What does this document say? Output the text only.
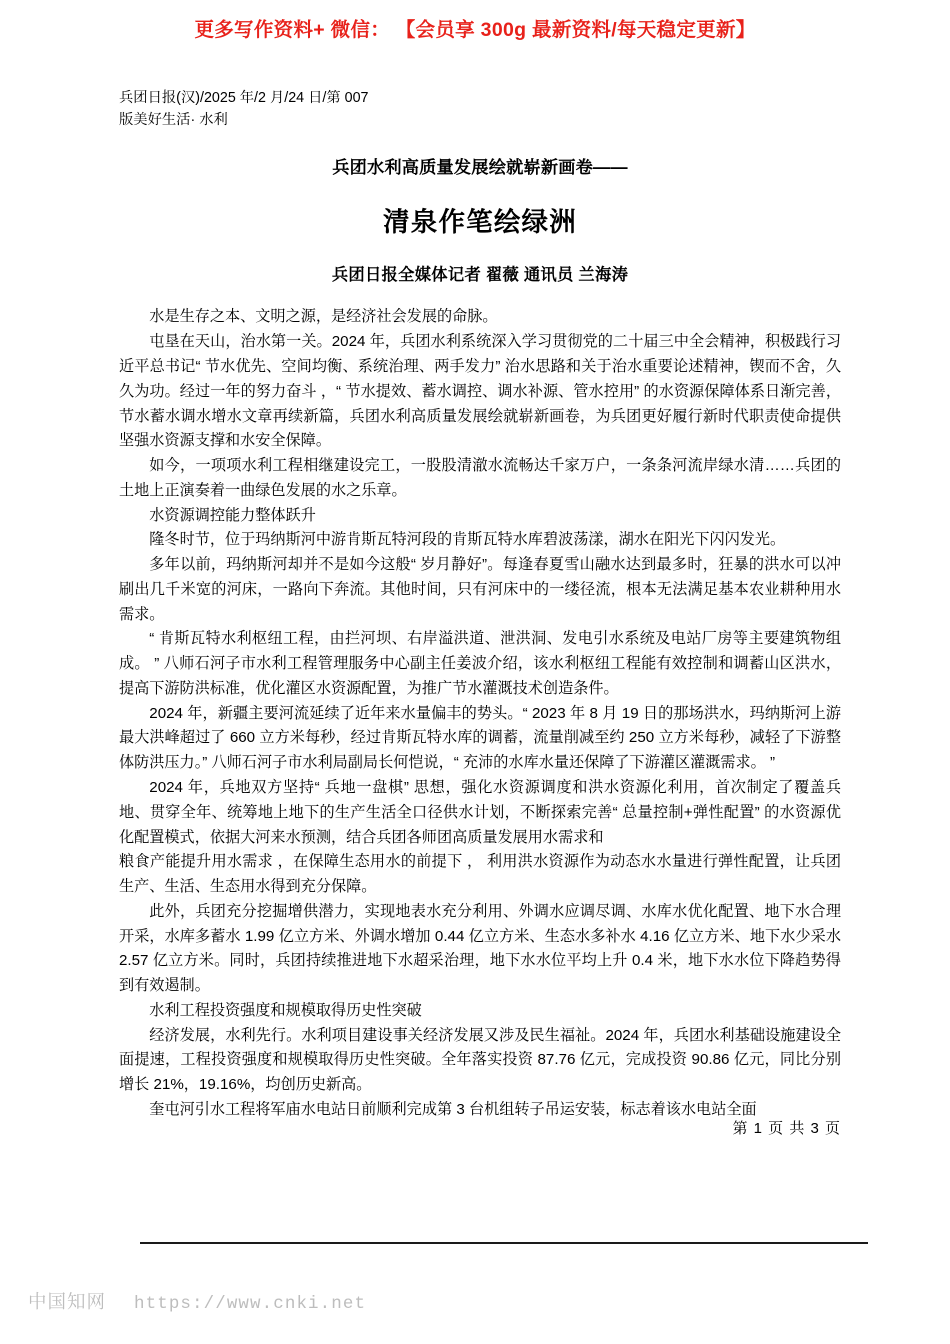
更多写作资料+ 微信： 【会员享 300g 最新资料/每天稳定更新】
兵团日报(汉)/2025 年/2 月/24 日/第 007
版美好生活· 水利
兵团水利高质量发展绘就崭新画卷——
清泉作笔绘绿洲
兵团日报全媒体记者 翟薇 通讯员 兰海涛

水是生存之本、文明之源，是经济社会发展的命脉。

屯垦在天山，治水第一关。2024 年，兵团水利系统深入学习贯彻党的二十届三中全会精神，积极践行习近平总书记“ 节水优先、空间均衡、系统治理、两手发力” 治水思路和关于治水重要论述精神，锲而不舍，久久为功。经过一年的努力奋斗 ，“ 节水提效、蓄水调控、调水补源、管水控用” 的水资源保障体系日渐完善，节水蓄水调水增水文章再续新篇，兵团水利高质量发展绘就崭新画卷，为兵团更好履行新时代职责使命提供坚强水资源支撑和水安全保障。

如今，一项项水利工程相继建设完工，一股股清澈水流畅达千家万户，一条条河流岸绿水清……兵团的土地上正演奏着一曲绿色发展的水之乐章。

水资源调控能力整体跃升

隆冬时节，位于玛纳斯河中游肯斯瓦特河段的肯斯瓦特水库碧波荡漾，湖水在阳光下闪闪发光。

多年以前，玛纳斯河却并不是如今这般“ 岁月静好”。每逢春夏雪山融水达到最多时，狂暴的洪水可以冲刷出几千米宽的河床，一路向下奔流。其他时间，只有河床中的一缕径流，根本无法满足基本农业耕种用水需求。

“ 肯斯瓦特水利枢纽工程，由拦河坝、右岸溢洪道、泄洪洞、发电引水系统及电站厂房等主要建筑物组成。 ” 八师石河子市水利工程管理服务中心副主任姜波介绍，该水利枢纽工程能有效控制和调蓄山区洪水，提高下游防洪标准，优化灌区水资源配置，为推广节水灌溉技术创造条件。

2024 年，新疆主要河流延续了近年来水量偏丰的势头。“ 2023 年 8 月 19 日的那场洪水，玛纳斯河上游最大洪峰超过了 660 立方米每秒，经过肯斯瓦特水库的调蓄，流量削减至约 250 立方米每秒，减轻了下游整体防洪压力。” 八师石河子市水利局副局长何恺说，“ 充沛的水库水量还保障了下游灌区灌溉需求。 ”

2024 年，兵地双方坚持“ 兵地一盘棋” 思想，强化水资源调度和洪水资源化利用，首次制定了覆盖兵地、贯穿全年、统筹地上地下的生产生活全口径供水计划，不断探索完善“ 总量控制+弹性配置” 的水资源优化配置模式，依据大河来水预测，结合兵团各师团高质量发展用水需求和

粮食产能提升用水需求 ，在保障生态用水的前提下 ， 利用洪水资源作为动态水水量进行弹性配置，让兵团生产、生活、生态用水得到充分保障。

此外，兵团充分挖掘增供潜力，实现地表水充分利用、外调水应调尽调、水库水优化配置、地下水合理开采，水库多蓄水 1.99 亿立方米、外调水增加 0.44 亿立方米、生态水多补水 4.16 亿立方米、地下水少采水 2.57 亿立方米。同时，兵团持续推进地下水超采治理，地下水水位平均上升 0.4 米，地下水水位下降趋势得到有效遏制。

水利工程投资强度和规模取得历史性突破

经济发展，水利先行。水利项目建设事关经济发展又涉及民生福祉。2024 年，兵团水利基础设施建设全面提速，工程投资强度和规模取得历史性突破。全年落实投资 87.76 亿元，完成投资 90.86 亿元，同比分别增长 21%，19.16%，均创历史新高。

奎屯河引水工程将军庙水电站日前顺利完成第 3 台机组转子吊运安装，标志着该水电站全面

第 1 页 共 3 页
中国知网 https://www.cnki.net
